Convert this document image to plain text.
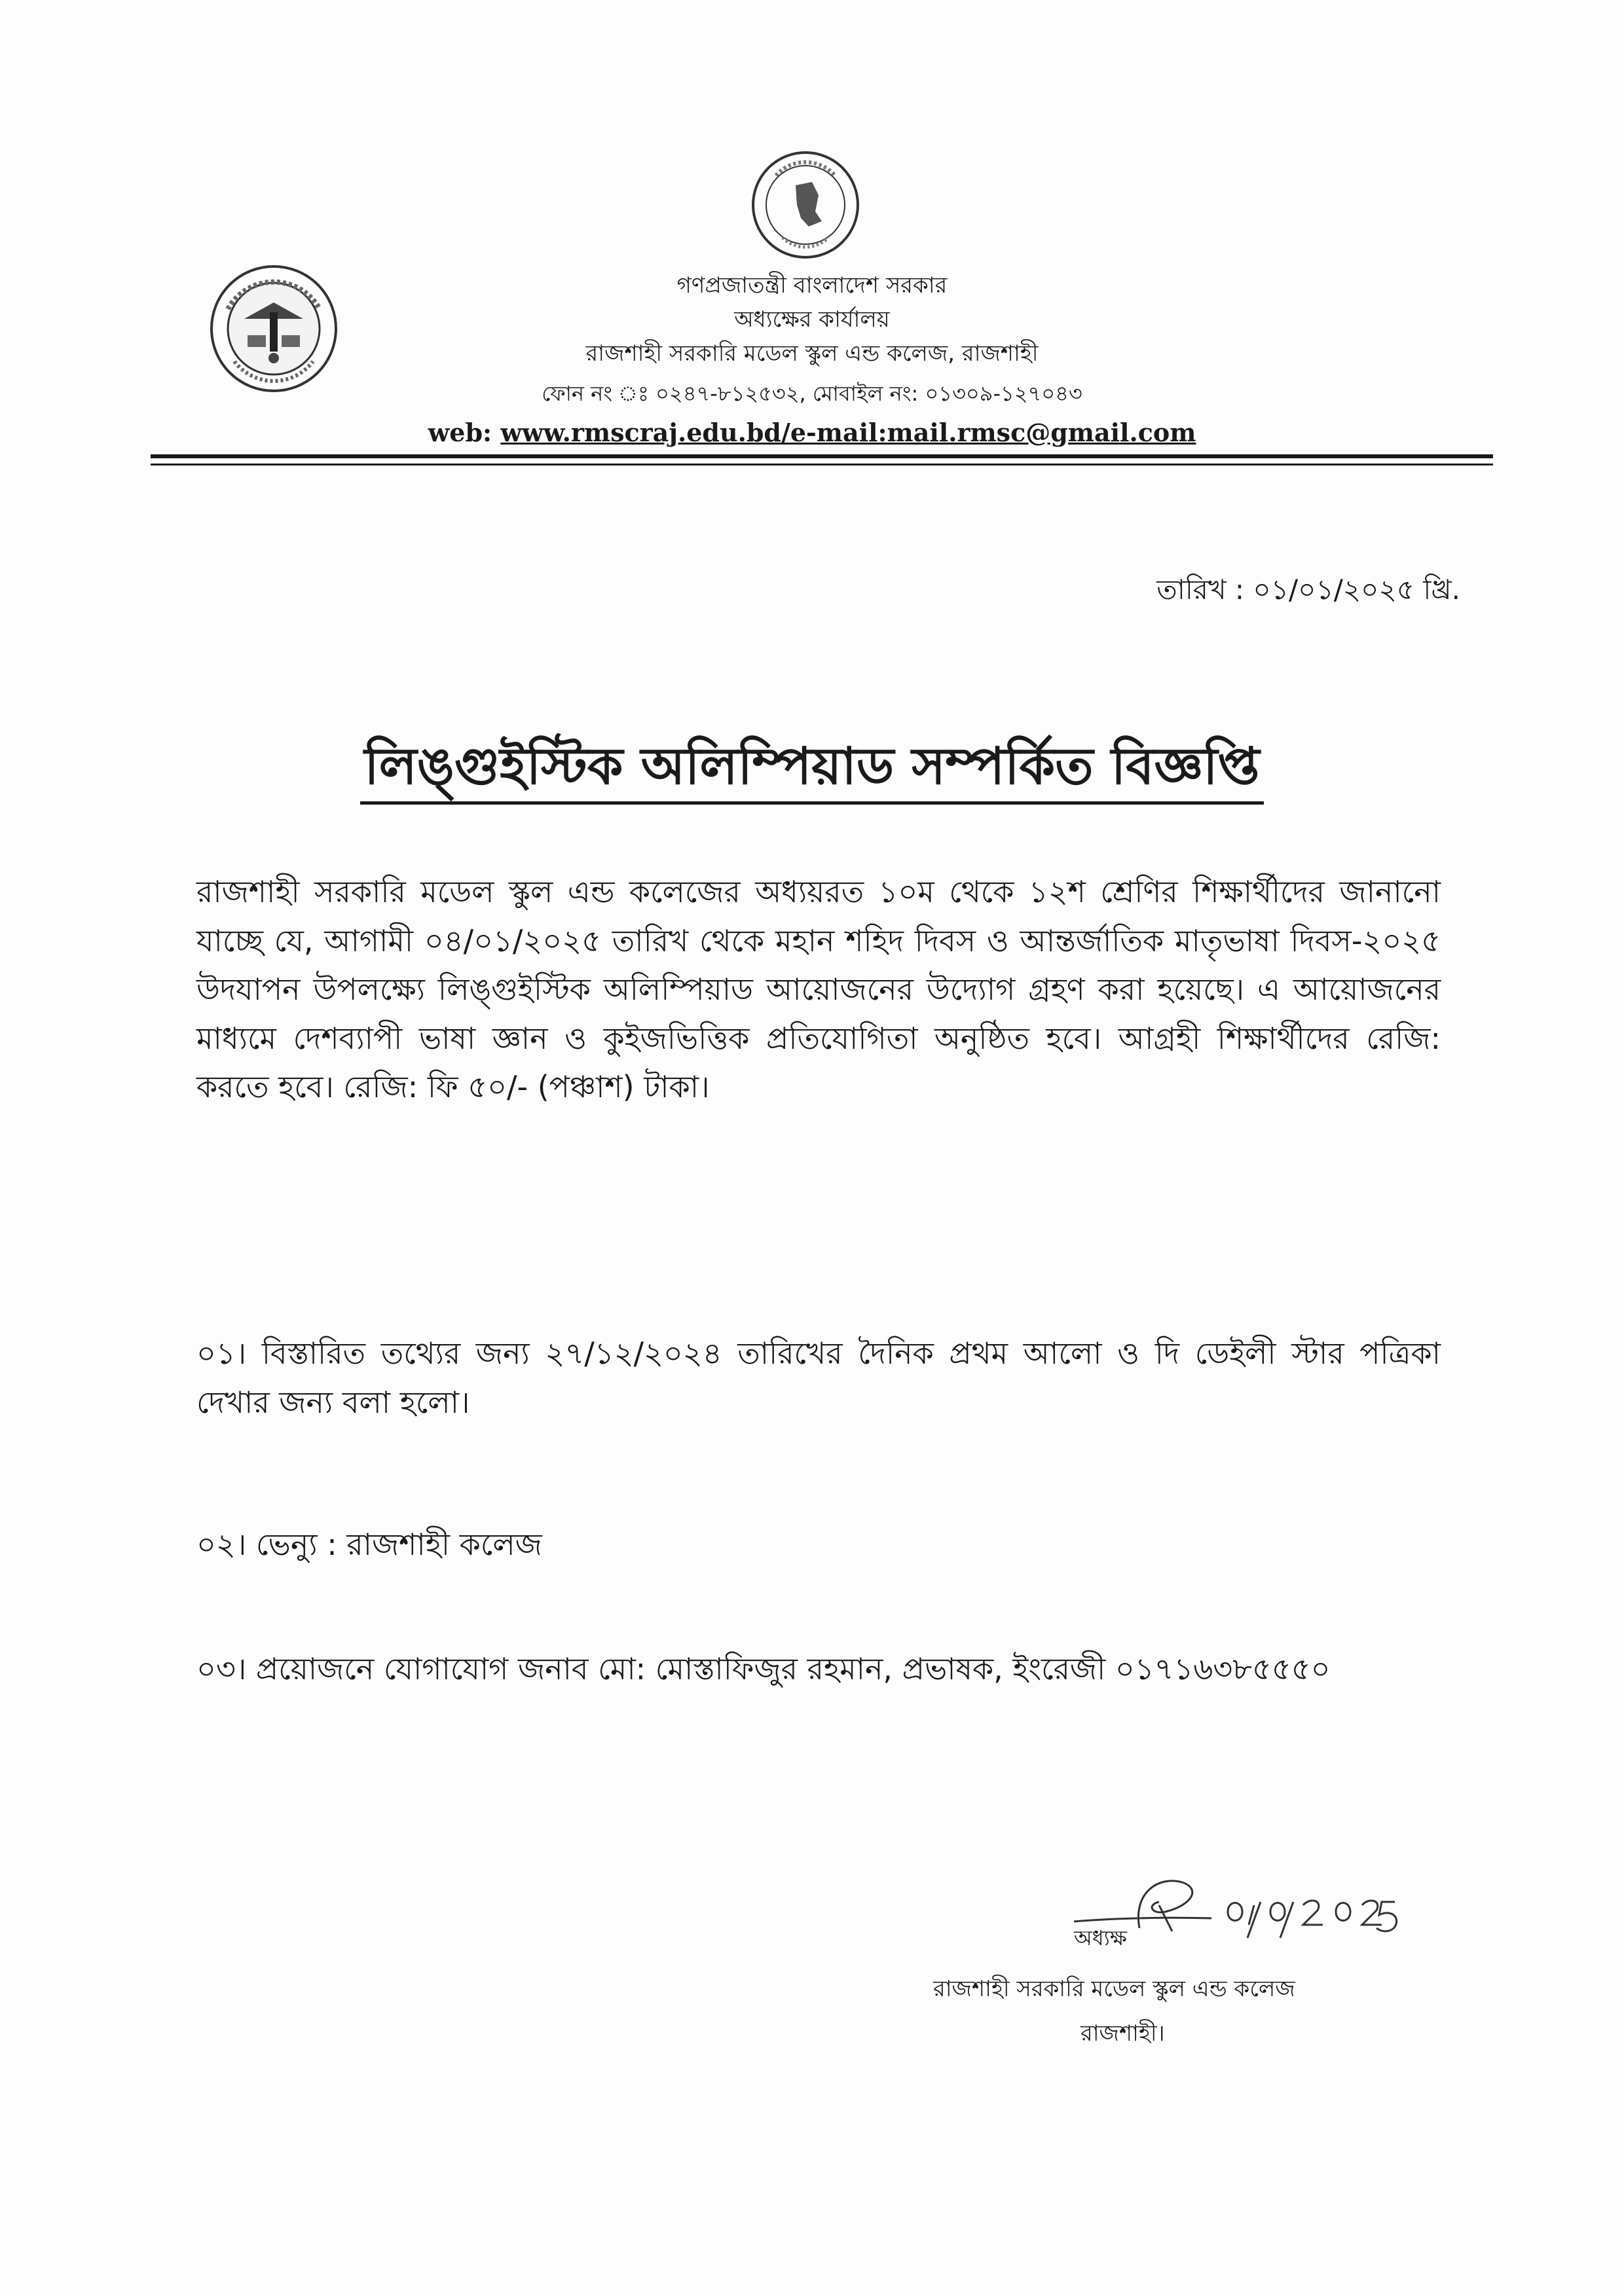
গণপ্রজাতন্ত্রী বাংলাদেশ সরকার
অধ্যক্ষের কার্যালয়
রাজশাহী সরকারি মডেল স্কুল এন্ড কলেজ, রাজশাহী
ফোন নং ঃ ০২৪৭-৮১২৫৩২, মোবাইল নং: ০১৩০৯-১২৭০৪৩
web: www.rmscraj.edu.bd/e-mail:mail.rmsc@gmail.com
তারিখ : ০১/০১/২০২৫ খ্রি.
লিঙ্গুইস্টিক অলিম্পিয়াড সম্পর্কিত বিজ্ঞপ্তি
রাজশাহী সরকারি মডেল স্কুল এন্ড কলেজের অধ্যয়রত ১০ম থেকে ১২শ শ্রেণির শিক্ষার্থীদের জানানো যাচ্ছে যে, আগামী ০৪/০১/২০২৫ তারিখ থেকে মহান শহিদ দিবস ও আন্তর্জাতিক মাতৃভাষা দিবস-২০২৫ উদযাপন উপলক্ষ্যে লিঙ্গুইস্টিক অলিম্পিয়াড আয়োজনের উদ্যোগ গ্রহণ করা হয়েছে। এ আয়োজনের মাধ্যমে দেশব্যাপী ভাষা জ্ঞান ও কুইজভিত্তিক প্রতিযোগিতা অনুষ্ঠিত হবে। আগ্রহী শিক্ষার্থীদের রেজি: করতে হবে। রেজি: ফি ৫০/- (পঞ্চাশ) টাকা।
০১। বিস্তারিত তথ্যের জন্য ২৭/১২/২০২৪ তারিখের দৈনিক প্রথম আলো ও দি ডেইলী স্টার পত্রিকা দেখার জন্য বলা হলো।
০২। ভেন্যু : রাজশাহী কলেজ
০৩। প্রয়োজনে যোগাযোগ জনাব মো: মোস্তাফিজুর রহমান, প্রভাষক, ইংরেজী ০১৭১৬৩৮৫৫৫০
অধ্যক্ষ
রাজশাহী সরকারি মডেল স্কুল এন্ড কলেজ
রাজশাহী।
